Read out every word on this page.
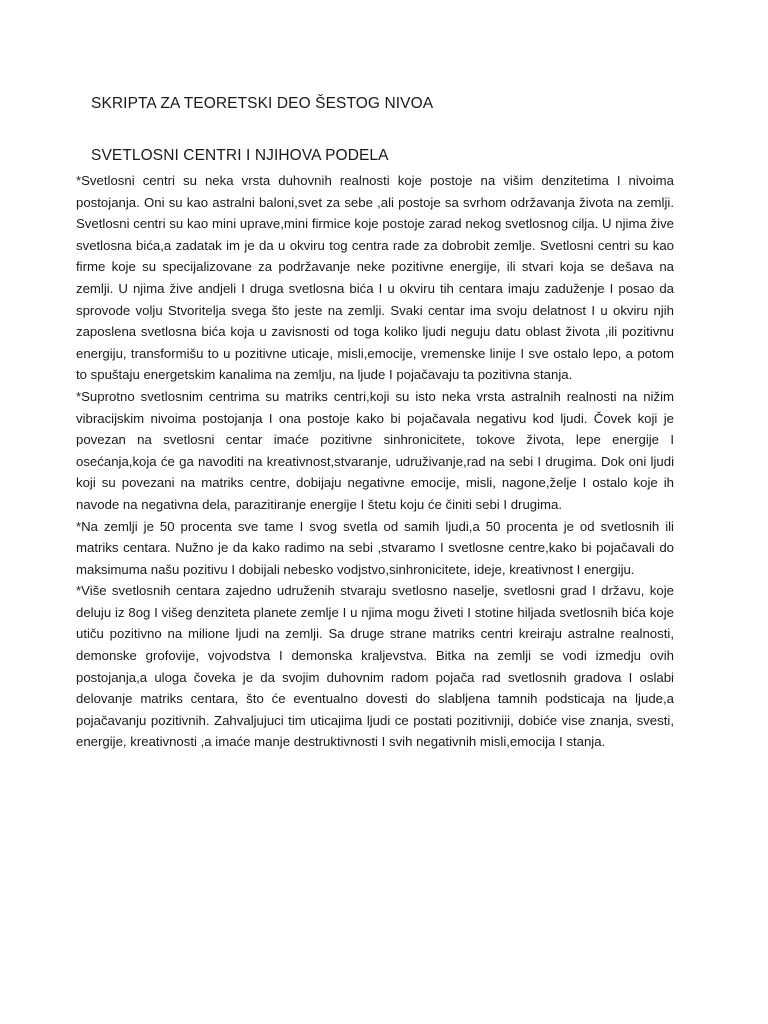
SKRIPTA ZA TEORETSKI DEO ŠESTOG NIVOA
SVETLOSNI CENTRI I NJIHOVA PODELA

*Svetlosni centri su neka vrsta duhovnih realnosti koje postoje na višim denzitetima I nivoima postojanja. Oni su kao astralni baloni,svet za sebe ,ali postoje sa svrhom održavanja života na zemlji. Svetlosni centri su kao mini uprave,mini firmice koje postoje zarad nekog svetlosnog cilja. U njima žive svetlosna bića,a zadatak im je da u okviru tog centra rade za dobrobit zemlje. Svetlosni centri su kao firme koje su specijalizovane za podržavanje neke pozitivne energije, ili stvari koja se dešava na zemlji. U njima žive andjeli I druga svetlosna bića I u okviru tih centara imaju zaduženje I posao da sprovode volju Stvoritelja svega što jeste na zemlji. Svaki centar ima svoju delatnost I u okviru njih zaposlena svetlosna bića koja u zavisnosti od toga koliko ljudi neguju datu oblast života ,ili pozitivnu energiju, transformišu to u pozitivne uticaje, misli,emocije, vremenske linije I sve ostalo lepo, a potom to spuštaju energetskim kanalima na zemlju, na ljude I pojačavaju ta pozitivna stanja.

*Suprotno svetlosnim centrima su matriks centri,koji su isto neka vrsta astralnih realnosti na nižim vibracijskim nivoima postojanja I ona postoje kako bi pojačavala negativu kod ljudi. Čovek koji je povezan na svetlosni centar imaće pozitivne sinhronicitete, tokove života, lepe energije I osećanja,koja će ga navoditi na kreativnost,stvaranje, udruživanje,rad na sebi I drugima. Dok oni ljudi koji su povezani na matriks centre, dobijaju negativne emocije, misli, nagone,želje I ostalo koje ih navode na negativna dela, parazitiranje energije I štetu koju će činiti sebi I drugima.

*Na zemlji je 50 procenta sve tame I svog svetla od samih ljudi,a 50 procenta je od svetlosnih ili matriks centara. Nužno je da kako radimo na sebi ,stvaramo I svetlosne centre,kako bi pojačavali do maksimuma našu pozitivu I dobijali nebesko vodjstvo,sinhronicitete, ideje, kreativnost I energiju.

*Više svetlosnih centara zajedno udruženih stvaraju svetlosno naselje, svetlosni grad I državu, koje deluju iz 8og I višeg denziteta planete zemlje I u njima mogu živeti I stotine hiljada svetlosnih bića koje utiču pozitivno na milione ljudi na zemlji. Sa druge strane matriks centri kreiraju astralne realnosti, demonske grofovije, vojvodstva I demonska kraljevstva. Bitka na zemlji se vodi izmedju ovih postojanja,a uloga čoveka je da svojim duhovnim radom pojača rad svetlosnih gradova I oslabi delovanje matriks centara, što će eventualno dovesti do slabljena tamnih podsticaja na ljude,a pojačavanju pozitivnih. Zahvaljujuci tim uticajima ljudi ce postati pozitivniji, dobiće vise znanja, svesti, energije, kreativnosti ,a imaće manje destruktivnosti I svih negativnih misli,emocija I stanja.
